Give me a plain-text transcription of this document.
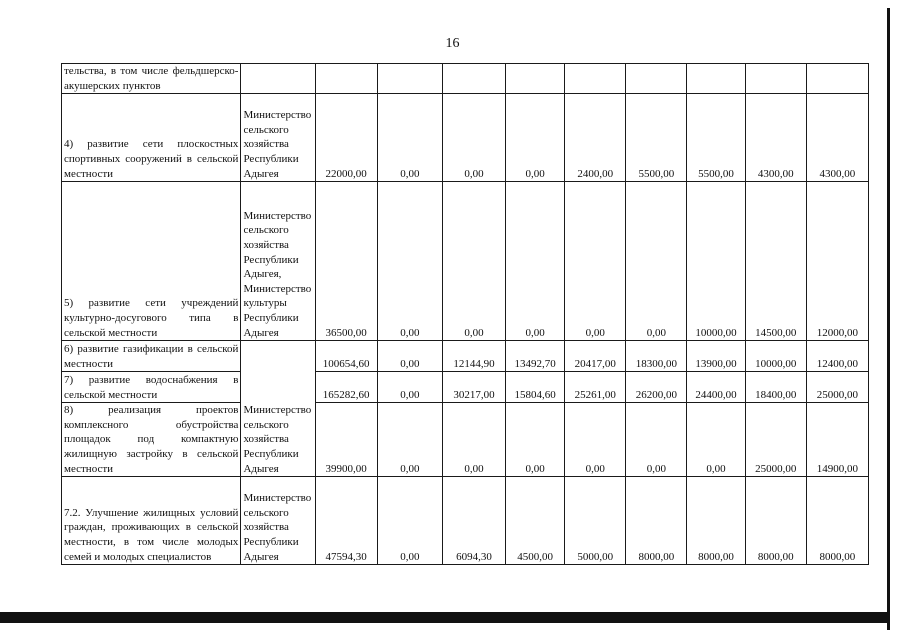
16
тельства, в том числе фельдшерско-акушерских пунктов										
4) развитие сети плоскостных спортивных сооружений в сельской местности	Министерство сельского хозяйства Республики Адыгея	22000,00	0,00	0,00	0,00	2400,00	5500,00	5500,00	4300,00	4300,00
5) развитие сети учреждений культурно-досугового типа в сельской местности	Министерство сельского хозяйства Республики Адыгея, Министерство культуры Республики Адыгея	36500,00	0,00	0,00	0,00	0,00	0,00	10000,00	14500,00	12000,00
6) развитие газификации в сельской местности	Министерство сельского хозяйства Республики Адыгея	100654,60	0,00	12144,90	13492,70	20417,00	18300,00	13900,00	10000,00	12400,00
7) развитие водоснабжения в сельской местности		165282,60	0,00	30217,00	15804,60	25261,00	26200,00	24400,00	18400,00	25000,00
8) реализация проектов комплексного обустройства площадок под компактную жилищную застройку в сельской местности		39900,00	0,00	0,00	0,00	0,00	0,00	0,00	25000,00	14900,00
7.2. Улучшение жилищных условий граждан, проживающих в сельской местности, в том числе молодых семей и молодых специалистов	Министерство сельского хозяйства Республики Адыгея	47594,30	0,00	6094,30	4500,00	5000,00	8000,00	8000,00	8000,00	8000,00
